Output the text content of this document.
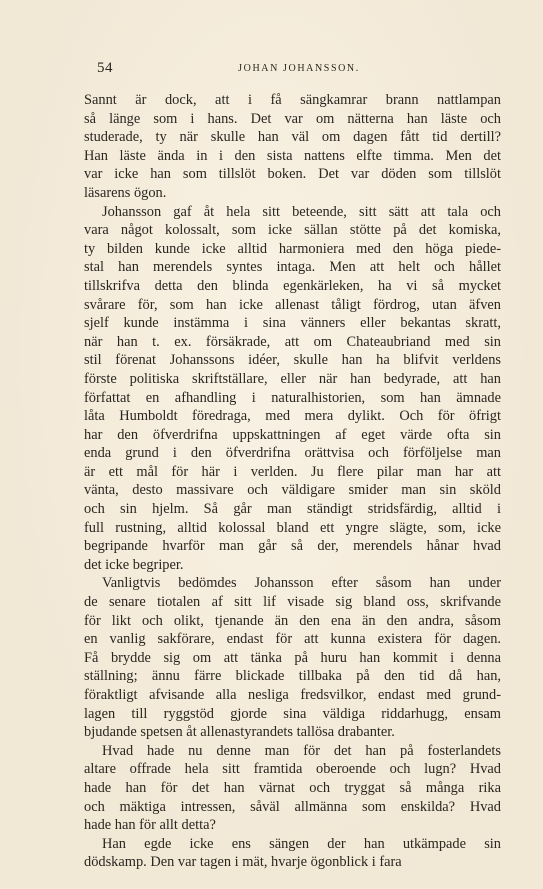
54	JOHAN JOHANSSON.
Sannt är dock, att i få sängkamrar brann nattlampan
så länge som i hans. Det var om nätterna han läste och
studerade, ty när skulle han väl om dagen fått tid dertill?
Han läste ända in i den sista nattens elfte timma. Men det
var icke han som tillslöt boken. Det var döden som tillslöt
läsarens ögon.
Johansson gaf åt hela sitt beteende, sitt sätt att tala och
vara något kolossalt, som icke sällan stötte på det komiska,
ty bilden kunde icke alltid harmoniera med den höga piede-
stal han merendels syntes intaga. Men att helt och hållet
tillskrifva detta den blinda egenkärleken, ha vi så mycket
svårare för, som han icke allenast tåligt fördrog, utan äfven
sjelf kunde instämma i sina vänners eller bekantas skratt,
när han t. ex. försäkrade, att om Chateaubriand med sin
stil förenat Johanssons idéer, skulle han ha blifvit verldens
förste politiska skriftställare, eller när han bedyrade, att han
författat en afhandling i naturalhistorien, som han ämnade
låta Humboldt föredraga, med mera dylikt. Och för öfrigt
har den öfverdrifna uppskattningen af eget värde ofta sin
enda grund i den öfverdrifna orättvisa och förföljelse man
är ett mål för här i verlden. Ju flere pilar man har att
vänta, desto massivare och väldigare smider man sin sköld
och sin hjelm. Så går man ständigt stridsfärdig, alltid i
full rustning, alltid kolossal bland ett yngre slägte, som, icke
begripande hvarför man går så der, merendels hånar hvad
det icke begriper.
Vanligtvis bedömdes Johansson efter såsom han under
de senare tiotalen af sitt lif visade sig bland oss, skrifvande
för likt och olikt, tjenande än den ena än den andra, såsom
en vanlig sakförare, endast för att kunna existera för dagen.
Få brydde sig om att tänka på huru han kommit i denna
ställning; ännu färre blickade tillbaka på den tid då han,
föraktligt afvisande alla nesliga fredsvilkor, endast med grund-
lagen till ryggstöd gjorde sina väldiga riddarhugg, ensam
bjudande spetsen åt allenastyrandets tallösa drabanter.
Hvad hade nu denne man för det han på fosterlandets
altare offrade hela sitt framtida oberoende och lugn? Hvad
hade han för det han värnat och tryggat så många rika
och mäktiga intressen, såväl allmänna som enskilda? Hvad
hade han för allt detta?
Han egde icke ens sängen der han utkämpade sin
dödskamp. Den var tagen i mät, hvarje ögonblick i fara
